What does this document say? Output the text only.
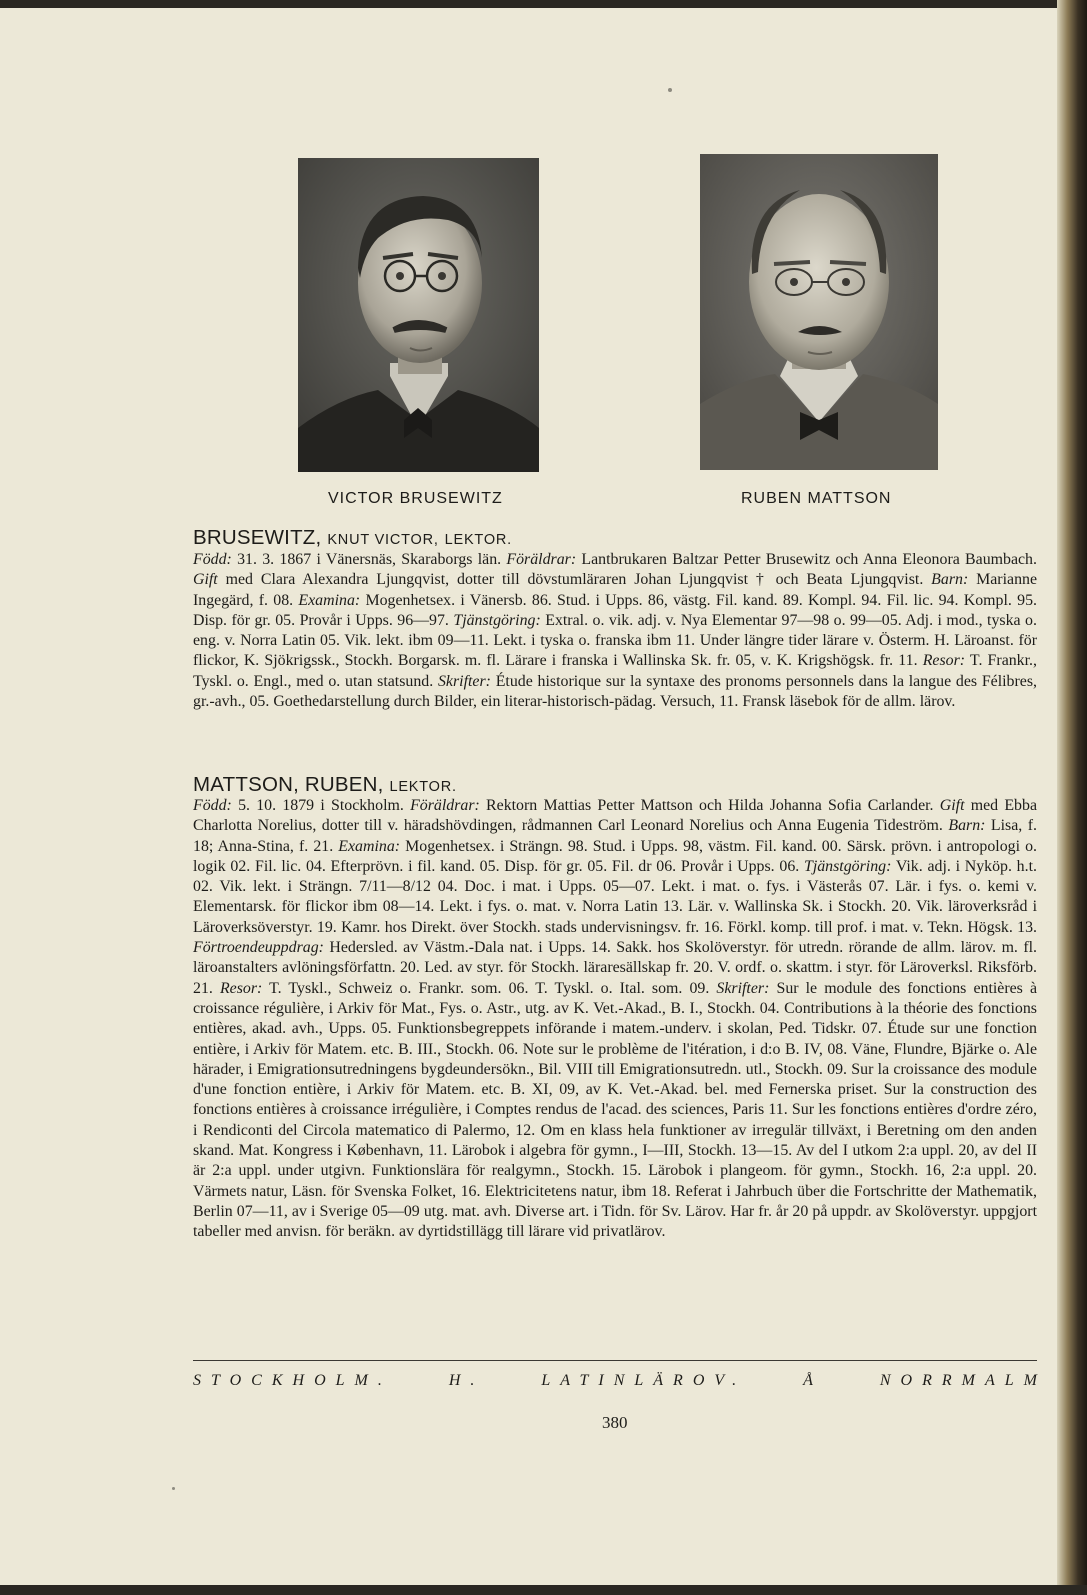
VICTOR BRUSEWITZ	RUBEN MATTSON
BRUSEWITZ, KNUT VICTOR, LEKTOR.

Född: 31. 3. 1867 i Vänersnäs, Skaraborgs län. Föräldrar: Lantbrukaren Baltzar Petter Brusewitz och Anna Eleonora Baumbach. Gift med Clara Alexandra Ljungqvist, dotter till dövstumläraren Johan Ljungqvist † och Beata Ljungqvist. Barn: Marianne Ingegärd, f. 08. Examina: Mogenhetsex. i Vänersb. 86. Stud. i Upps. 86, västg. Fil. kand. 89. Kompl. 94. Fil. lic. 94. Kompl. 95. Disp. för gr. 05. Provår i Upps. 96—97. Tjänstgöring: Extral. o. vik. adj. v. Nya Elementar 97—98 o. 99—05. Adj. i mod., tyska o. eng. v. Norra Latin 05. Vik. lekt. ibm 09—11. Lekt. i tyska o. franska ibm 11. Under längre tider lärare v. Österm. H. Läroanst. för flickor, K. Sjökrigssk., Stockh. Borgarsk. m. fl. Lärare i franska i Wallinska Sk. fr. 05, v. K. Krigshögsk. fr. 11. Resor: T. Frankr., Tyskl. o. Engl., med o. utan statsund. Skrifter: Étude historique sur la syntaxe des pronoms personnels dans la langue des Félibres, gr.-avh., 05. Goethedarstellung durch Bilder, ein literar-historisch-pädag. Versuch, 11. Fransk läsebok för de allm. lärov.

MATTSON, RUBEN, LEKTOR.

Född: 5. 10. 1879 i Stockholm. Föräldrar: Rektorn Mattias Petter Mattson och Hilda Johanna Sofia Carlander. Gift med Ebba Charlotta Norelius, dotter till v. häradshövdingen, rådmannen Carl Leonard Norelius och Anna Eugenia Tideström. Barn: Lisa, f. 18; Anna-Stina, f. 21. Examina: Mogenhetsex. i Strängn. 98. Stud. i Upps. 98, västm. Fil. kand. 00. Särsk. prövn. i antropologi o. logik 02. Fil. lic. 04. Efterprövn. i fil. kand. 05. Disp. för gr. 05. Fil. dr 06. Provår i Upps. 06. Tjänstgöring: Vik. adj. i Nyköp. h.t. 02. Vik. lekt. i Strängn. 7/11—8/12 04. Doc. i mat. i Upps. 05—07. Lekt. i mat. o. fys. i Västerås 07. Lär. i fys. o. kemi v. Elementarsk. för flickor ibm 08—14. Lekt. i fys. o. mat. v. Norra Latin 13. Lär. v. Wallinska Sk. i Stockh. 20. Vik. läroverksråd i Läroverksöverstyr. 19. Kamr. hos Direkt. över Stockh. stads undervisningsv. fr. 16. Förkl. komp. till prof. i mat. v. Tekn. Högsk. 13. Förtroendeuppdrag: Hedersled. av Västm.-Dala nat. i Upps. 14. Sakk. hos Skolöverstyr. för utredn. rörande de allm. lärov. m. fl. läroanstalters avlöningsförfattn. 20. Led. av styr. för Stockh. läraresällskap fr. 20. V. ordf. o. skattm. i styr. för Läroverksl. Riksförb. 21. Resor: T. Tyskl., Schweiz o. Frankr. som. 06. T. Tyskl. o. Ital. som. 09. Skrifter: Sur le module des fonctions entières à croissance régulière, i Arkiv för Mat., Fys. o. Astr., utg. av K. Vet.-Akad., B. I., Stockh. 04. Contributions à la théorie des fonctions entières, akad. avh., Upps. 05. Funktionsbegreppets införande i matem.-underv. i skolan, Ped. Tidskr. 07. Étude sur une fonction entière, i Arkiv för Matem. etc. B. III., Stockh. 06. Note sur le problème de l'itération, i d:o B. IV, 08. Väne, Flundre, Bjärke o. Ale härader, i Emigrationsutredningens bygdeundersökn., Bil. VIII till Emigrationsutredn. utl., Stockh. 09. Sur la croissance des module d'une fonction entière, i Arkiv för Matem. etc. B. XI, 09, av K. Vet.-Akad. bel. med Fernerska priset. Sur la construction des fonctions entières à croissance irrégulière, i Comptes rendus de l'acad. des sciences, Paris 11. Sur les fonctions entières d'ordre zéro, i Rendiconti del Circola matematico di Palermo, 12. Om en klass hela funktioner av irregulär tillväxt, i Beretning om den anden skand. Mat. Kongress i København, 11. Lärobok i algebra för gymn., I—III, Stockh. 13—15. Av del I utkom 2:a uppl. 20, av del II är 2:a uppl. under utgivn. Funktionslära för realgymn., Stockh. 15. Lärobok i plangeom. för gymn., Stockh. 16, 2:a uppl. 20. Värmets natur, Läsn. för Svenska Folket, 16. Elektricitetens natur, ibm 18. Referat i Jahrbuch über die Fortschritte der Mathematik, Berlin 07—11, av i Sverige 05—09 utg. mat. avh. Diverse art. i Tidn. för Sv. Lärov. Har fr. år 20 på uppdr. av Skolöverstyr. uppgjort tabeller med anvisn. för beräkn. av dyrtidstillägg till lärare vid privatlärov.

STOCKHOLM.	H.	LATINLÄROV.	Å	NORRMALM
380
